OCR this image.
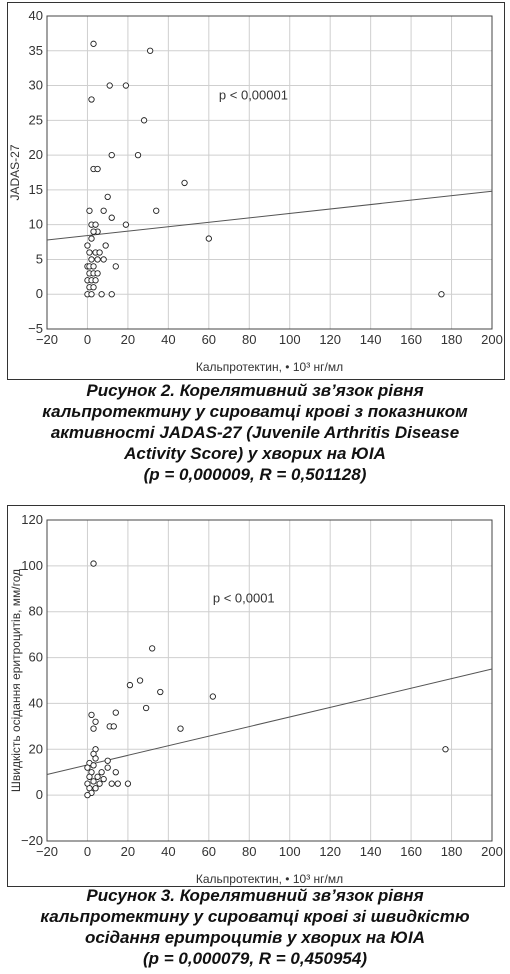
−20 0 20 40 60 80 100 120 140 160 180 200
−5
0
5
10
15
20
25
30
35
40
Кальпротектин, • 10³ нг/мл
JADAS-27
p < 0,00001
Рисунок 2. Корелятивний зв’язок рівня
кальпротектину у сироватці крові з показником
активності JADAS-27 (Juvenile Arthritis Disease
Activity Score) у хворих на ЮІА
(p = 0,000009, R = 0,501128)
−20 0 20 40 60 80 100 120 140 160 180 200
−20
0
20
40
60
80
100
120
Кальпротектин, • 10³ нг/мл
Швидкість осідання еритроцитів, мм/год	p < 0,0001
Рисунок 3. Корелятивний зв’язок рівня
кальпротектину у сироватці крові зі швидкістю
осідання еритроцитів у хворих на ЮІА
(p = 0,000079, R = 0,450954)
